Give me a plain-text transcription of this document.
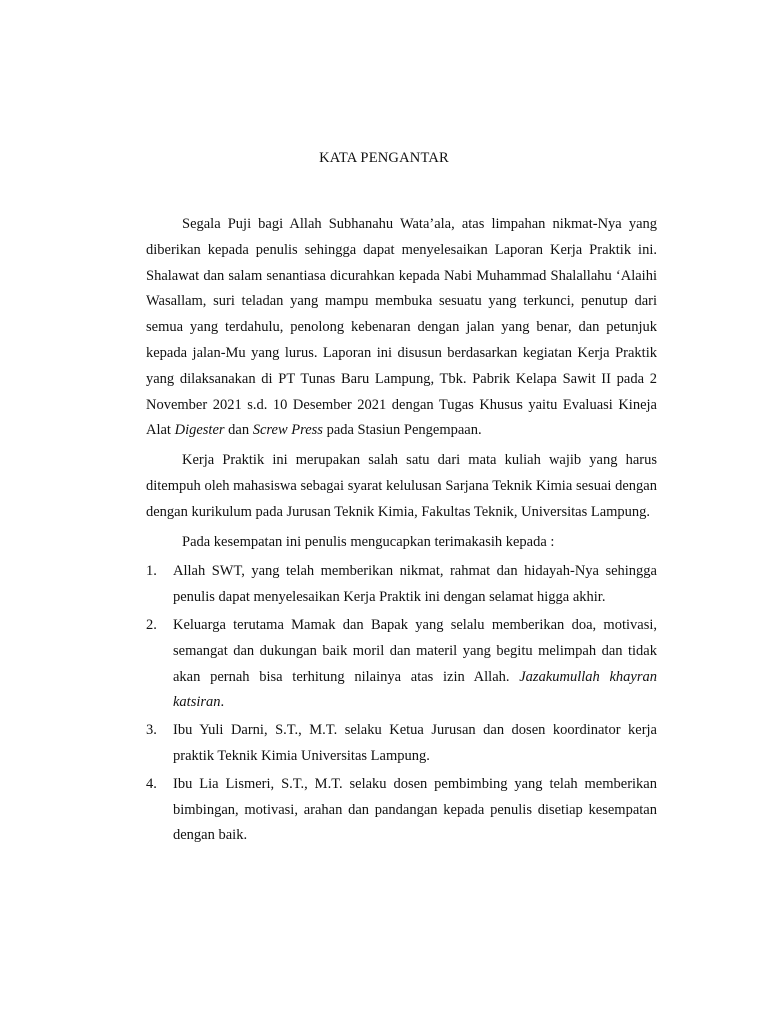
KATA PENGANTAR

Segala Puji bagi Allah Subhanahu Wata’ala, atas limpahan nikmat-Nya yang diberikan kepada penulis sehingga dapat menyelesaikan Laporan Kerja Praktik ini. Shalawat dan salam senantiasa dicurahkan kepada Nabi Muhammad Shalallahu ‘Alaihi Wasallam, suri teladan yang mampu membuka sesuatu yang terkunci, penutup dari semua yang terdahulu, penolong kebenaran dengan jalan yang benar, dan petunjuk kepada jalan-Mu yang lurus. Laporan ini disusun berdasarkan kegiatan Kerja Praktik yang dilaksanakan di PT Tunas Baru Lampung, Tbk. Pabrik Kelapa Sawit II pada 2 November 2021 s.d. 10 Desember 2021 dengan Tugas Khusus yaitu Evaluasi Kineja Alat Digester dan Screw Press pada Stasiun Pengempaan.

Kerja Praktik ini merupakan salah satu dari mata kuliah wajib yang harus ditempuh oleh mahasiswa sebagai syarat kelulusan Sarjana Teknik Kimia sesuai dengan dengan kurikulum pada Jurusan Teknik Kimia, Fakultas Teknik, Universitas Lampung.

Pada kesempatan ini penulis mengucapkan terimakasih kepada :

1. Allah SWT, yang telah memberikan nikmat, rahmat dan hidayah-Nya sehingga penulis dapat menyelesaikan Kerja Praktik ini dengan selamat higga akhir.
2. Keluarga terutama Mamak dan Bapak yang selalu memberikan doa, motivasi, semangat dan dukungan baik moril dan materil yang begitu melimpah dan tidak akan pernah bisa terhitung nilainya atas izin Allah. Jazakumullah khayran katsiran.
3. Ibu Yuli Darni, S.T., M.T. selaku Ketua Jurusan dan dosen koordinator kerja praktik Teknik Kimia Universitas Lampung.
4. Ibu Lia Lismeri, S.T., M.T. selaku dosen pembimbing yang telah memberikan bimbingan, motivasi, arahan dan pandangan kepada penulis disetiap kesempatan dengan baik.
